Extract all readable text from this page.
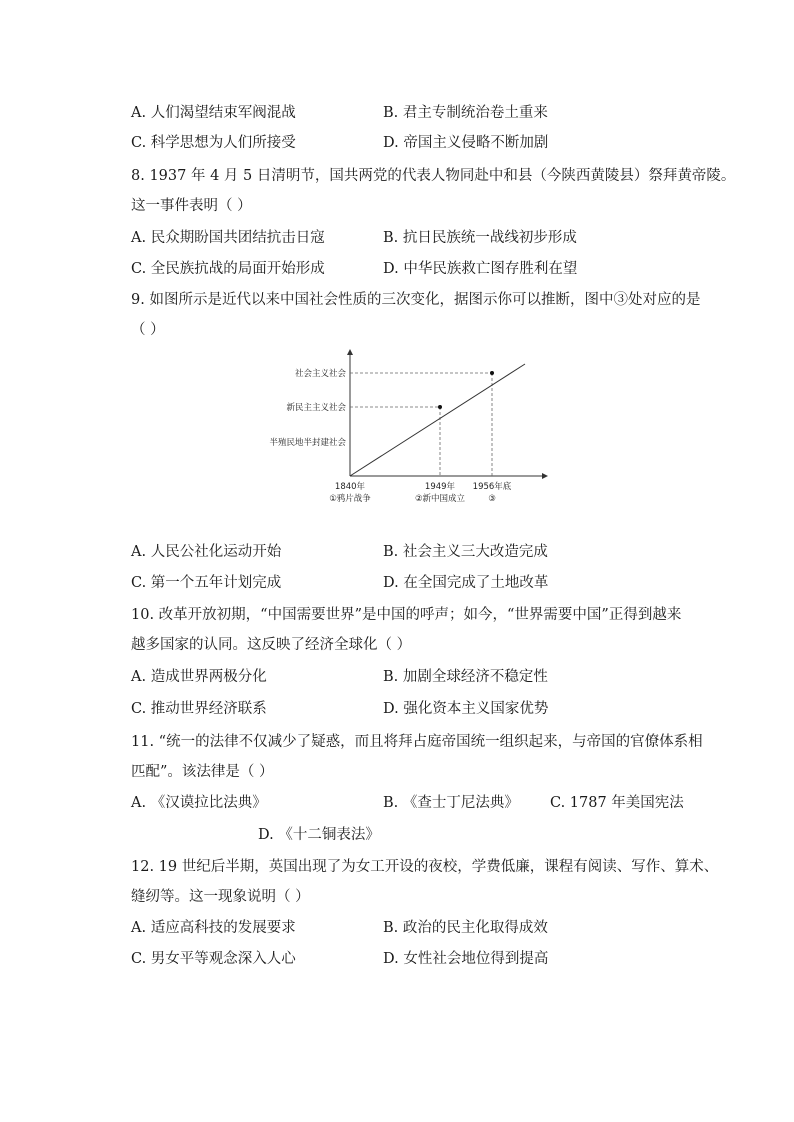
A. 人们渴望结束军阀混战	B. 君主专制统治卷土重来
C. 科学思想为人们所接受	D. 帝国主义侵略不断加剧
8. 1937 年 4 月 5 日清明节，国共两党的代表人物同赴中和县（今陕西黄陵县）祭拜黄帝陵。
这一事件表明（ ）
A. 民众期盼国共团结抗击日寇	B. 抗日民族统一战线初步形成
C. 全民族抗战的局面开始形成	D. 中华民族救亡图存胜利在望
9. 如图所示是近代以来中国社会性质的三次变化，据图示你可以推断，图中③处对应的是
（ ）
半殖民地半封建社会
新民主主义社会
社会主义社会
1840年
①鸦片战争
1949年
②新中国成立
1956年底
③
A. 人民公社化运动开始	B. 社会主义三大改造完成
C. 第一个五年计划完成	D. 在全国完成了土地改革
10. 改革开放初期，“中国需要世界”是中国的呼声；如今，“世界需要中国”正得到越来
越多国家的认同。这反映了经济全球化（ ）
A. 造成世界两极分化	B. 加剧全球经济不稳定性
C. 推动世界经济联系	D. 强化资本主义国家优势
11. “统一的法律不仅减少了疑惑，而且将拜占庭帝国统一组织起来，与帝国的官僚体系相
匹配”。该法律是（ ）
A. 《汉谟拉比法典》	B. 《查士丁尼法典》 C. 1787 年美国宪法
D. 《十二铜表法》
12. 19 世纪后半期，英国出现了为女工开设的夜校，学费低廉，课程有阅读、写作、算术、
缝纫等。这一现象说明（ ）
A. 适应高科技的发展要求	B. 政治的民主化取得成效
C. 男女平等观念深入人心	D. 女性社会地位得到提高
